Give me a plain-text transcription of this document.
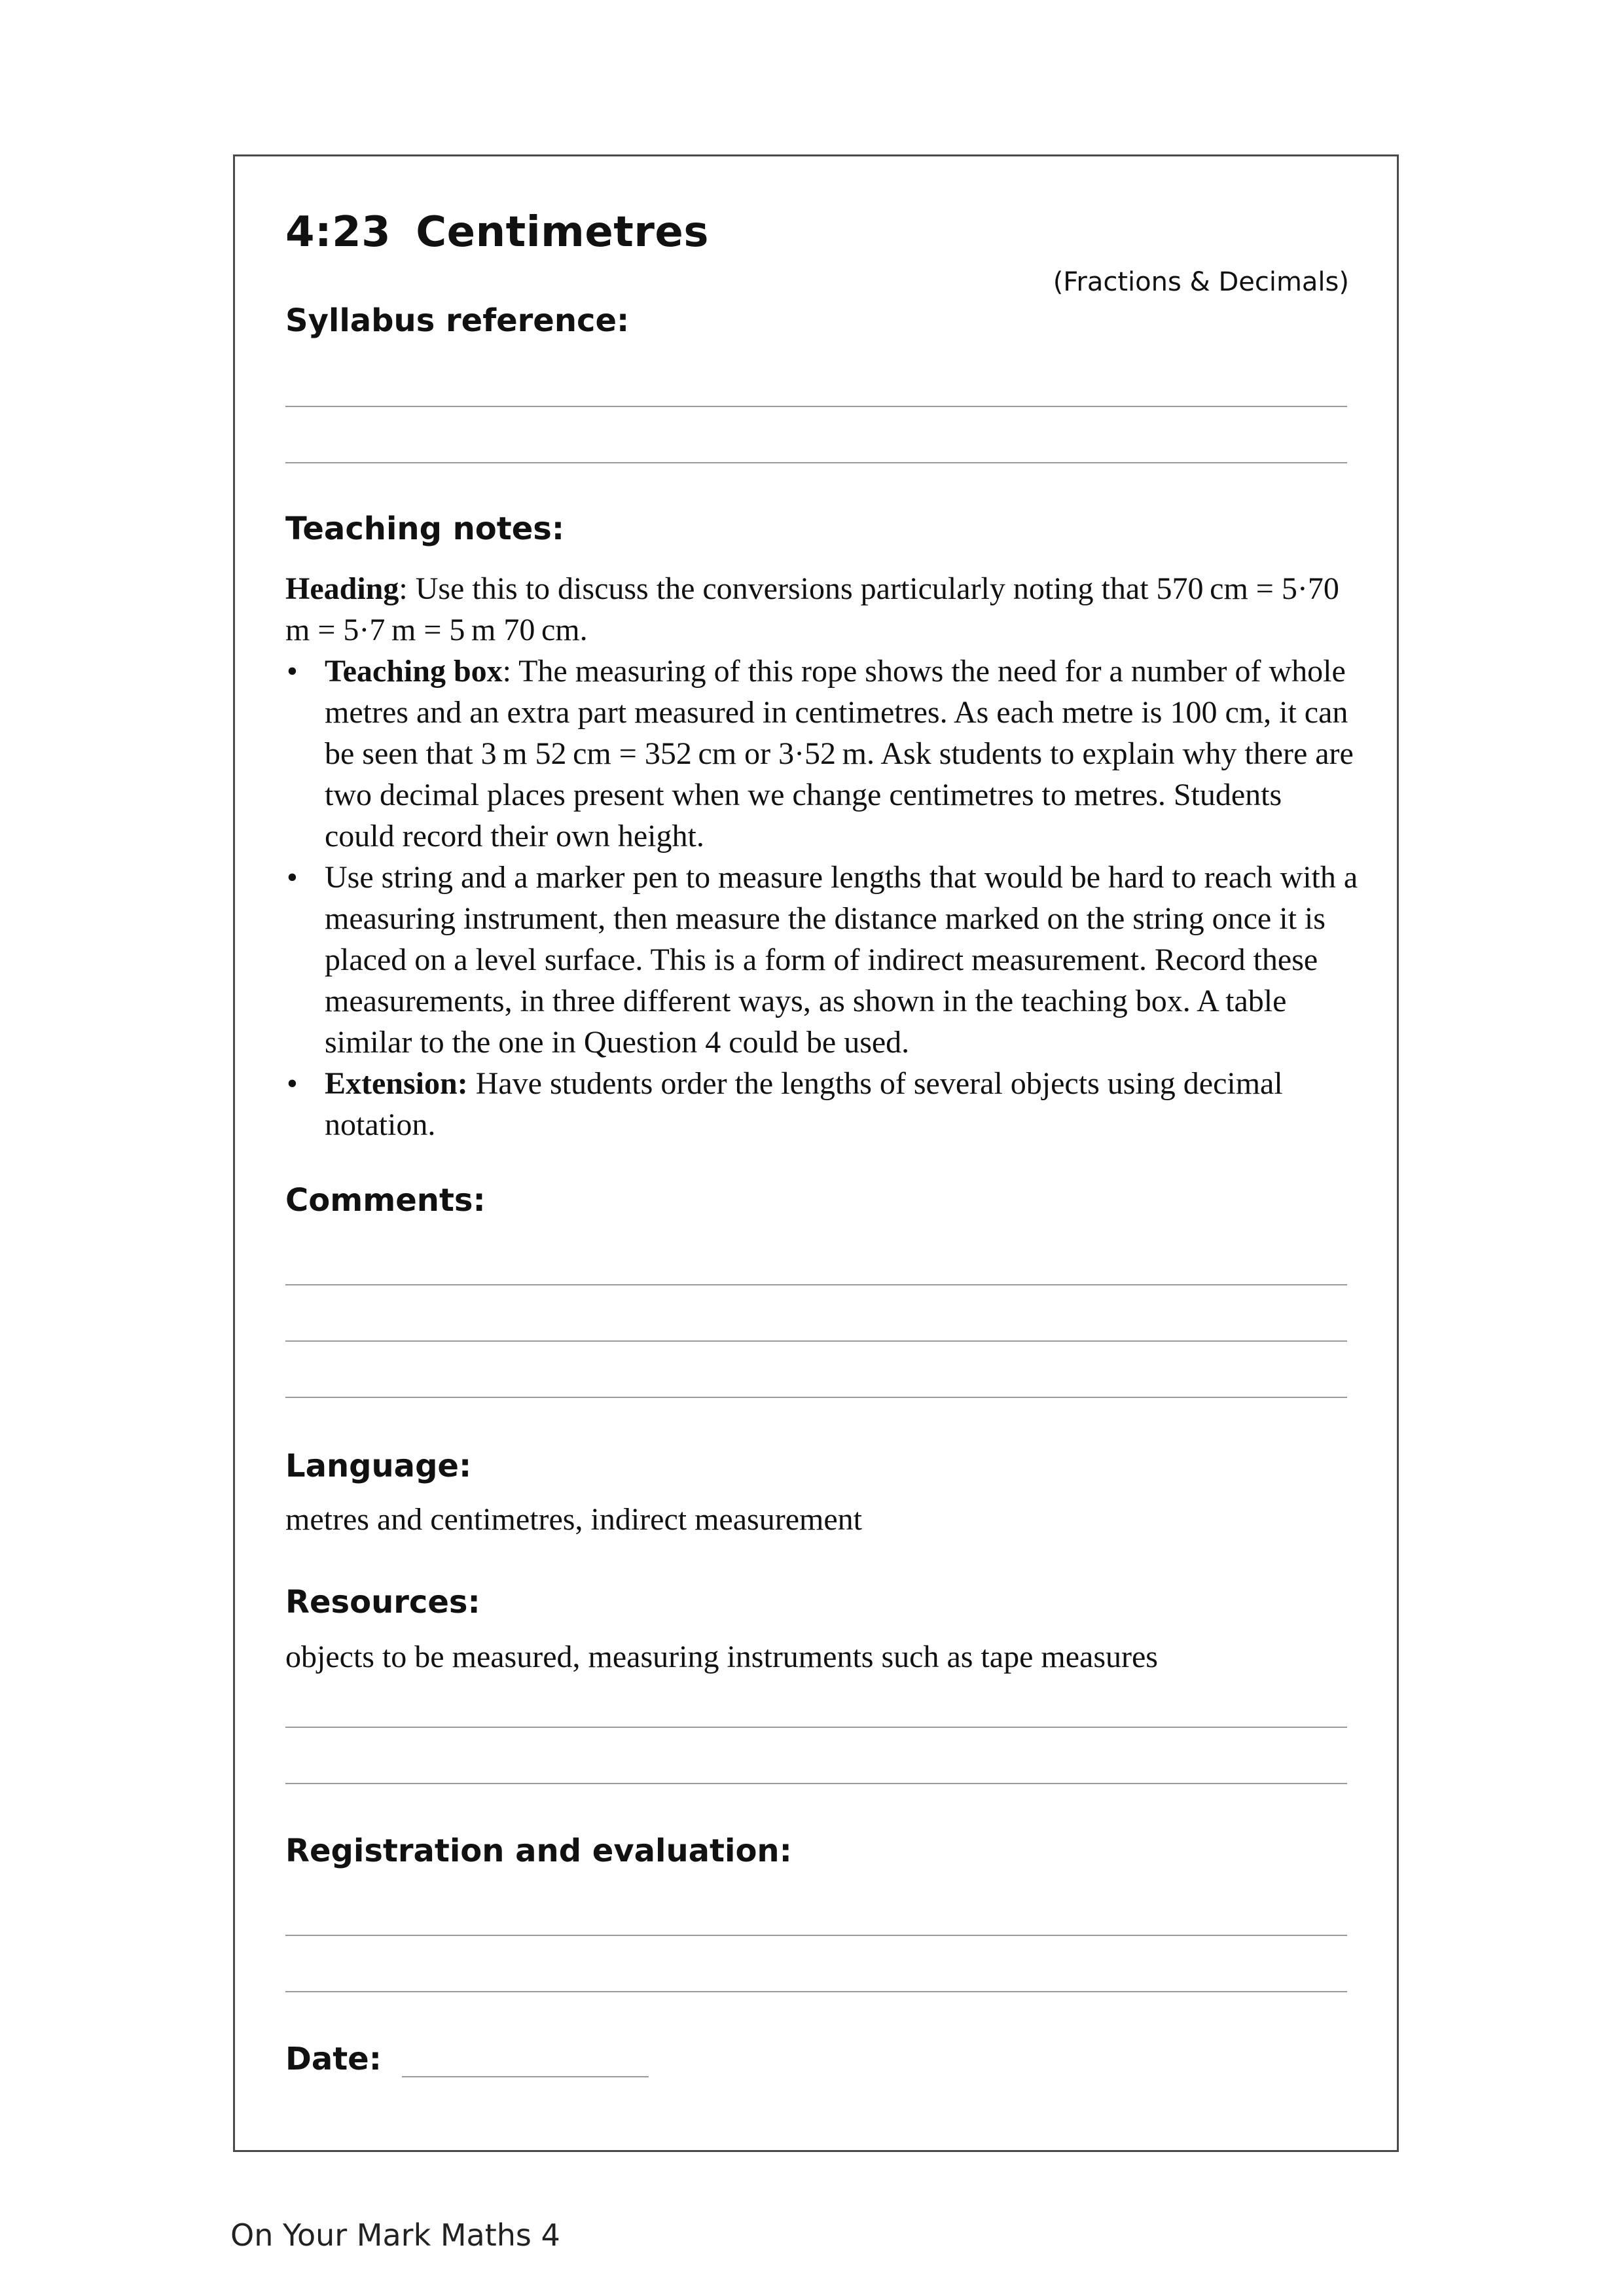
4:23 Centimetres
(Fractions & Decimals)
Syllabus reference:
Teaching notes:

Heading: Use this to discuss the conversions particularly noting that 570 cm = 5·70 m = 5·7 m = 5 m 70 cm.

• Teaching box: The measuring of this rope shows the need for a number of whole metres and an extra part measured in centimetres. As each metre is 100 cm, it can be seen that 3 m 52 cm = 352 cm or 3·52 m. Ask students to explain why there are two decimal places present when we change centimetres to metres. Students could record their own height.
• Use string and a marker pen to measure lengths that would be hard to reach with a measuring instrument, then measure the distance marked on the string once it is placed on a level surface. This is a form of indirect measurement. Record these measurements, in three different ways, as shown in the teaching box. A table similar to the one in Question 4 could be used.
• Extension: Have students order the lengths of several objects using decimal notation.
Comments:
Language:
metres and centimetres, indirect measurement
Resources:
objects to be measured, measuring instruments such as tape measures
Registration and evaluation:
Date:
On Your Mark Maths 4
